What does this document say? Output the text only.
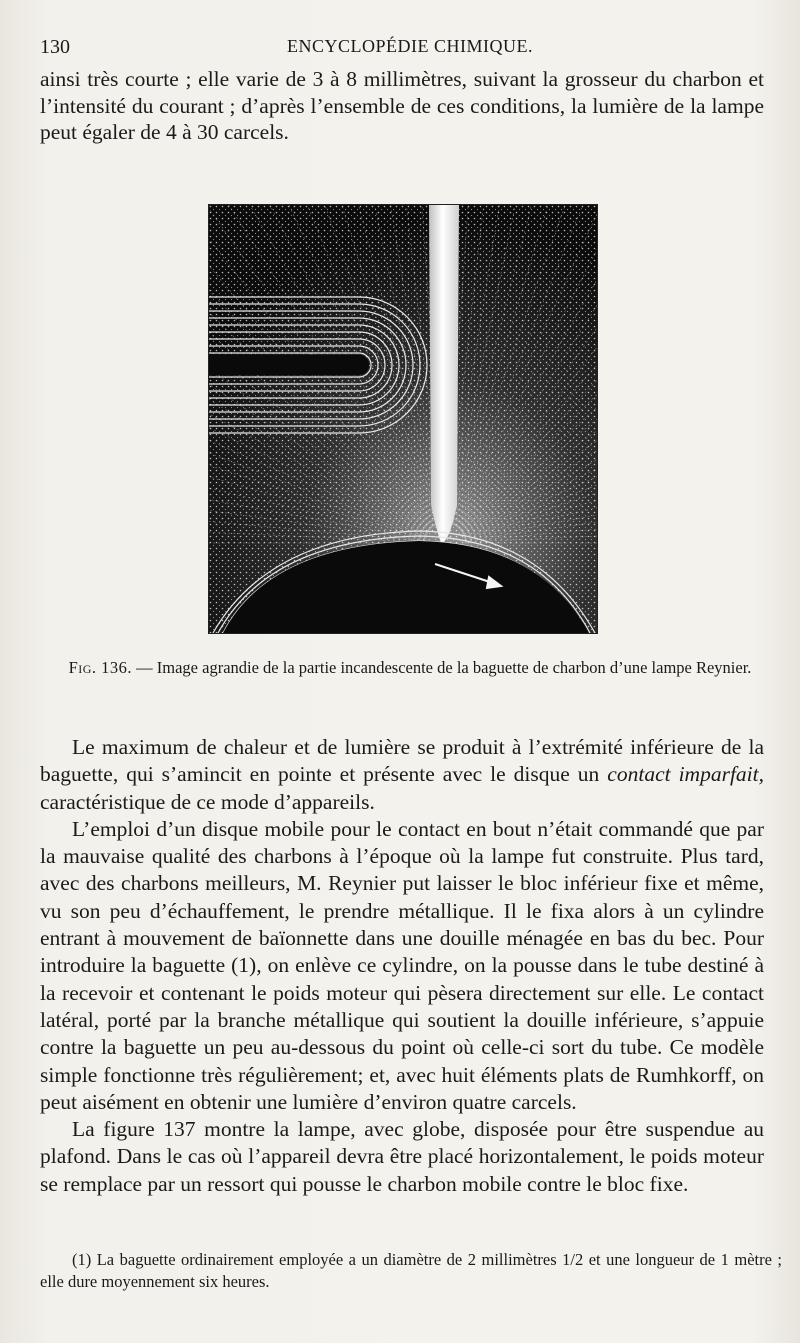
130	ENCYCLOPÉDIE CHIMIQUE.

ainsi très courte ; elle varie de 3 à 8 millimètres, suivant la grosseur du charbon et l’intensité du courant ; d’après l’ensemble de ces conditions, la lumière de la lampe peut égaler de 4 à 30 carcels.

Fig. 136. — Image agrandie de la partie incandescente de la baguette de charbon d’une lampe Reynier.

Le maximum de chaleur et de lumière se produit à l’extrémité inférieure de la baguette, qui s’amincit en pointe et présente avec le disque un contact imparfait, caractéristique de ce mode d’appareils.

L’emploi d’un disque mobile pour le contact en bout n’était commandé que par la mauvaise qualité des charbons à l’époque où la lampe fut construite. Plus tard, avec des charbons meilleurs, M. Reynier put laisser le bloc inférieur fixe et même, vu son peu d’échauffement, le prendre métallique. Il le fixa alors à un cylindre entrant à mouvement de baïonnette dans une douille ménagée en bas du bec. Pour introduire la baguette (1), on enlève ce cylindre, on la pousse dans le tube destiné à la recevoir et contenant le poids moteur qui pèsera directement sur elle. Le contact latéral, porté par la branche métallique qui soutient la douille inférieure, s’appuie contre la baguette un peu au-dessous du point où celle-ci sort du tube. Ce modèle simple fonctionne très régulièrement; et, avec huit éléments plats de Rumhkorff, on peut aisément en obtenir une lumière d’environ quatre carcels.

La figure 137 montre la lampe, avec globe, disposée pour être suspendue au plafond. Dans le cas où l’appareil devra être placé horizontalement, le poids moteur se remplace par un ressort qui pousse le charbon mobile contre le bloc fixe.

(1) La baguette ordinairement employée a un diamètre de 2 millimètres 1/2 et une longueur de 1 mètre ; elle dure moyennement six heures.
